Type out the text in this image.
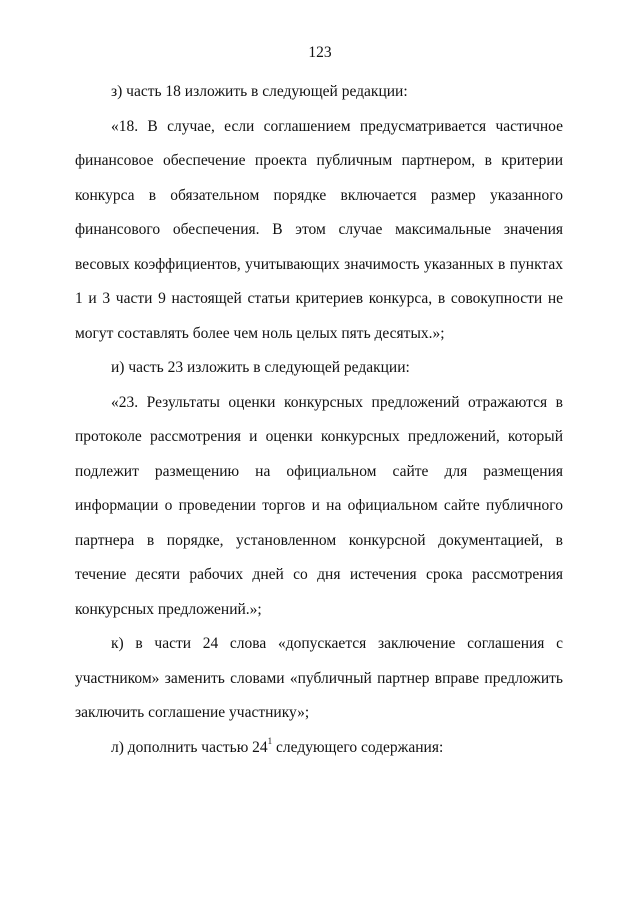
123

з) часть 18 изложить в следующей редакции:

«18. В случае, если соглашением предусматривается частичное финансовое обеспечение проекта публичным партнером, в критерии конкурса в обязательном порядке включается размер указанного финансового обеспечения. В этом случае максимальные значения весовых коэффициентов, учитывающих значимость указанных в пунктах 1 и 3 части 9 настоящей статьи критериев конкурса, в совокупности не могут составлять более чем ноль целых пять десятых.»;

и) часть 23 изложить в следующей редакции:

«23. Результаты оценки конкурсных предложений отражаются в протоколе рассмотрения и оценки конкурсных предложений, который подлежит размещению на официальном сайте для размещения информации о проведении торгов и на официальном сайте публичного партнера в порядке, установленном конкурсной документацией, в течение десяти рабочих дней со дня истечения срока рассмотрения конкурсных предложений.»;

к) в части 24 слова «допускается заключение соглашения с участником» заменить словами «публичный партнер вправе предложить заключить соглашение участнику»;

л) дополнить частью $24^1$ следующего содержания:
